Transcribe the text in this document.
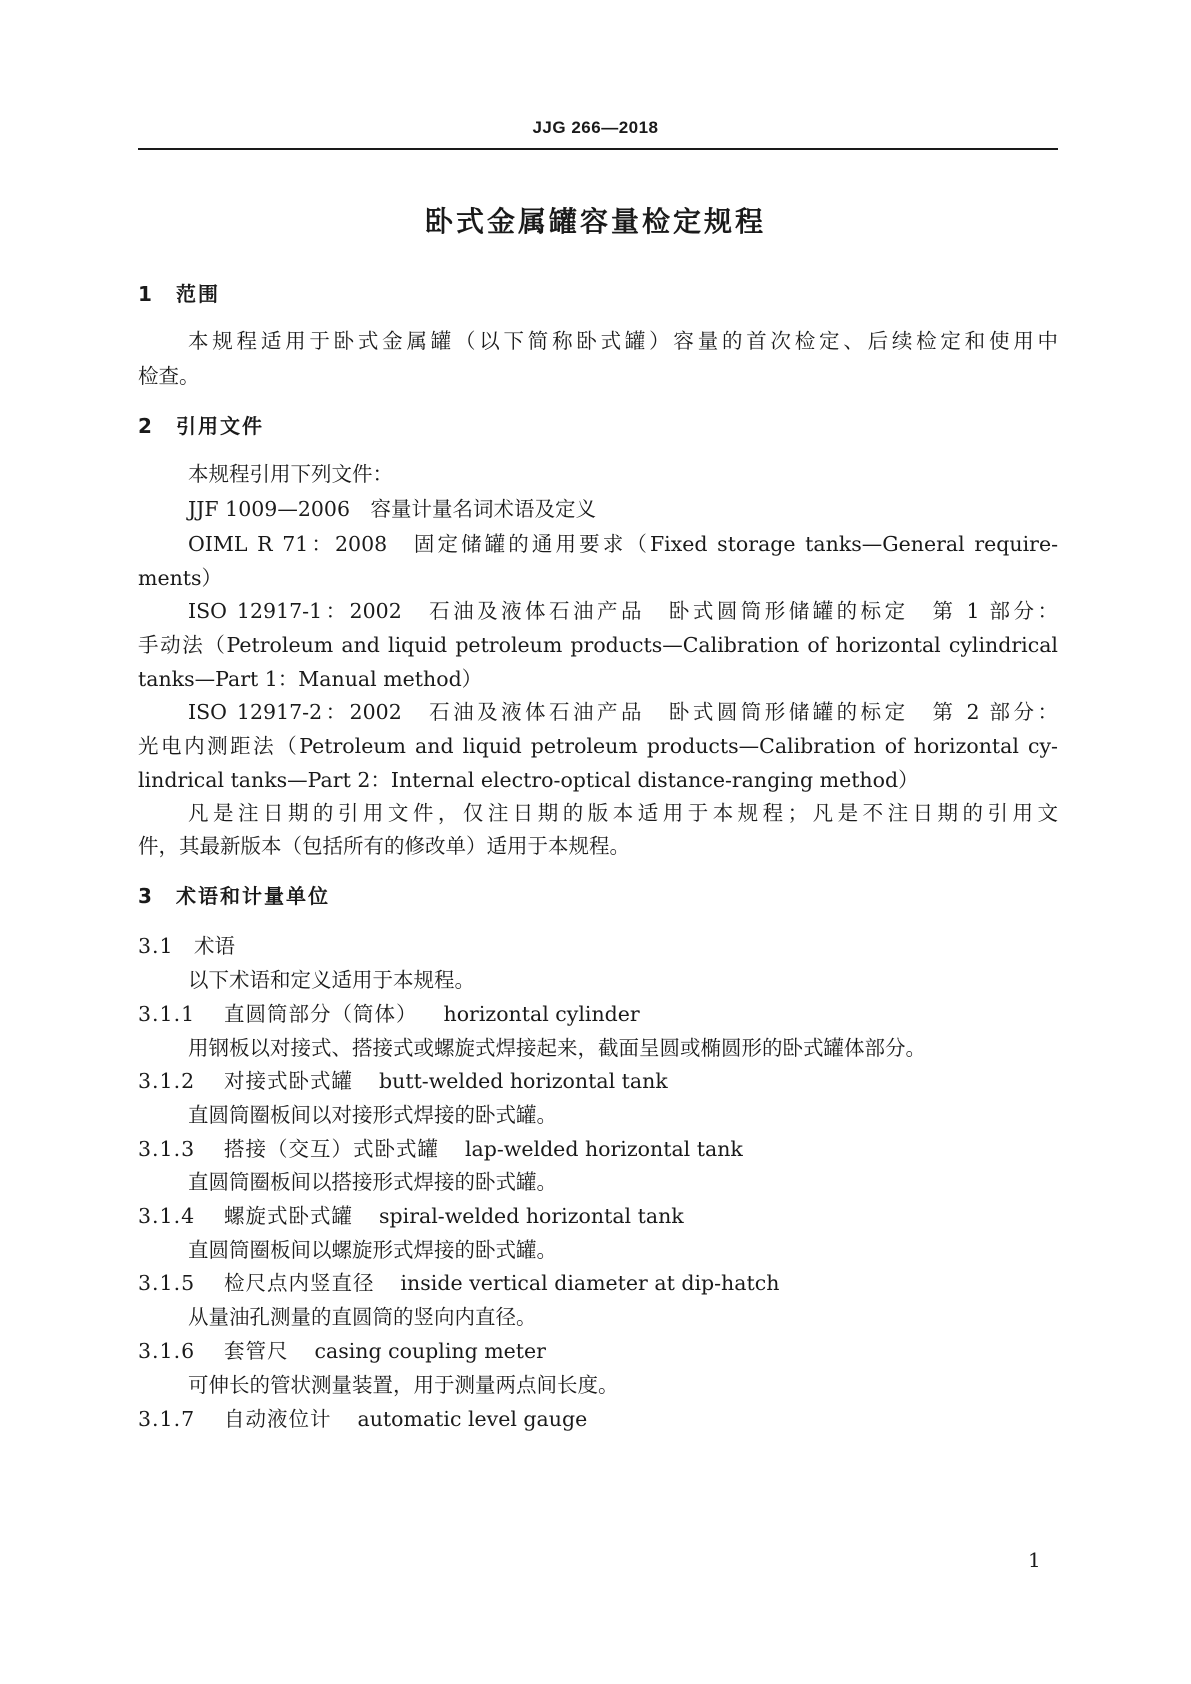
JJG 266—2018
卧式金属罐容量检定规程
1 范围
本规程适用于卧式金属罐（以下简称卧式罐）容量的首次检定、后续检定和使用中
检查。
2 引用文件
本规程引用下列文件：
JJF 1009—2006　容量计量名词术语及定义
OIML R 71：2008　固定储罐的通用要求（Fixed storage tanks—General require-
ments）
ISO 12917-1：2002　石油及液体石油产品　卧式圆筒形储罐的标定　第 1 部分：
手动法（Petroleum and liquid petroleum products—Calibration of horizontal cylindrical
tanks—Part 1：Manual method）
ISO 12917-2：2002　石油及液体石油产品　卧式圆筒形储罐的标定　第 2 部分：
光电内测距法（Petroleum and liquid petroleum products—Calibration of horizontal cy-
lindrical tanks—Part 2：Internal electro-optical distance-ranging method）
凡是注日期的引用文件，仅注日期的版本适用于本规程；凡是不注日期的引用文
件，其最新版本（包括所有的修改单）适用于本规程。
3 术语和计量单位
3.1 术语
以下术语和定义适用于本规程。
3.1.1 直圆筒部分（筒体） horizontal cylinder
用钢板以对接式、搭接式或螺旋式焊接起来，截面呈圆或椭圆形的卧式罐体部分。
3.1.2 对接式卧式罐 butt-welded horizontal tank
直圆筒圈板间以对接形式焊接的卧式罐。
3.1.3 搭接（交互）式卧式罐 lap-welded horizontal tank
直圆筒圈板间以搭接形式焊接的卧式罐。
3.1.4 螺旋式卧式罐 spiral-welded horizontal tank
直圆筒圈板间以螺旋形式焊接的卧式罐。
3.1.5 检尺点内竖直径 inside vertical diameter at dip-hatch
从量油孔测量的直圆筒的竖向内直径。
3.1.6 套管尺 casing coupling meter
可伸长的管状测量装置，用于测量两点间长度。
3.1.7 自动液位计 automatic level gauge
1
